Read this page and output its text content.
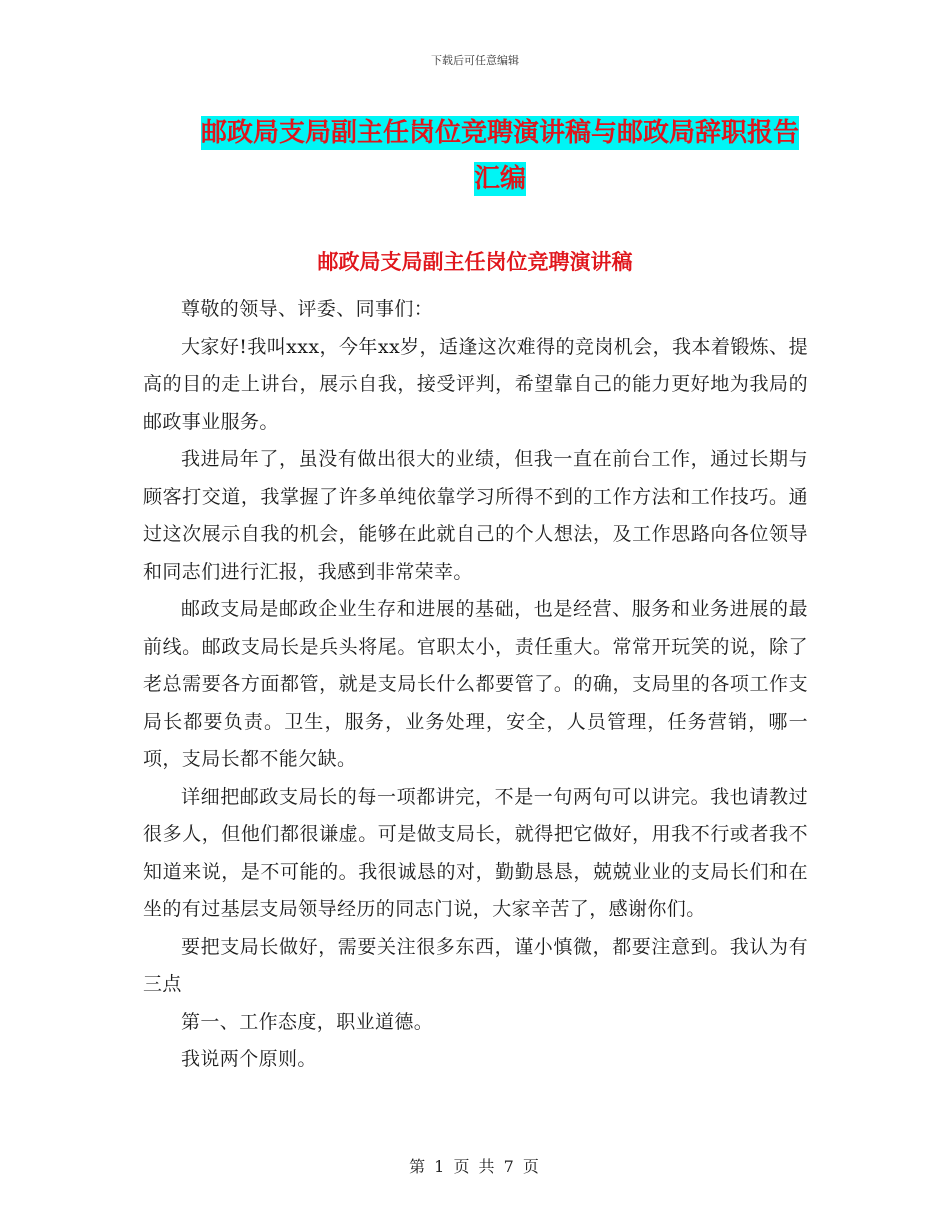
下载后可任意编辑
邮政局支局副主任岗位竞聘演讲稿与邮政局辞职报告
汇编
邮政局支局副主任岗位竞聘演讲稿

尊敬的领导、评委、同事们：

大家好!我叫xxx，今年xx岁，适逢这次难得的竞岗机会，我本着锻炼、提高的目的走上讲台，展示自我，接受评判，希望靠自己的能力更好地为我局的邮政事业服务。

我进局年了，虽没有做出很大的业绩，但我一直在前台工作，通过长期与顾客打交道，我掌握了许多单纯依靠学习所得不到的工作方法和工作技巧。通过这次展示自我的机会，能够在此就自己的个人想法，及工作思路向各位领导和同志们进行汇报，我感到非常荣幸。

邮政支局是邮政企业生存和进展的基础，也是经营、服务和业务进展的最前线。邮政支局长是兵头将尾。官职太小，责任重大。常常开玩笑的说，除了老总需要各方面都管，就是支局长什么都要管了。的确，支局里的各项工作支局长都要负责。卫生，服务，业务处理，安全，人员管理，任务营销，哪一项，支局长都不能欠缺。

详细把邮政支局长的每一项都讲完，不是一句两句可以讲完。我也请教过很多人，但他们都很谦虚。可是做支局长，就得把它做好，用我不行或者我不知道来说，是不可能的。我很诚恳的对，勤勤恳恳，兢兢业业的支局长们和在坐的有过基层支局领导经历的同志门说，大家辛苦了，感谢你们。

要把支局长做好，需要关注很多东西，谨小慎微，都要注意到。我认为有三点

第一、工作态度，职业道德。

我说两个原则。

第 1 页 共 7 页
